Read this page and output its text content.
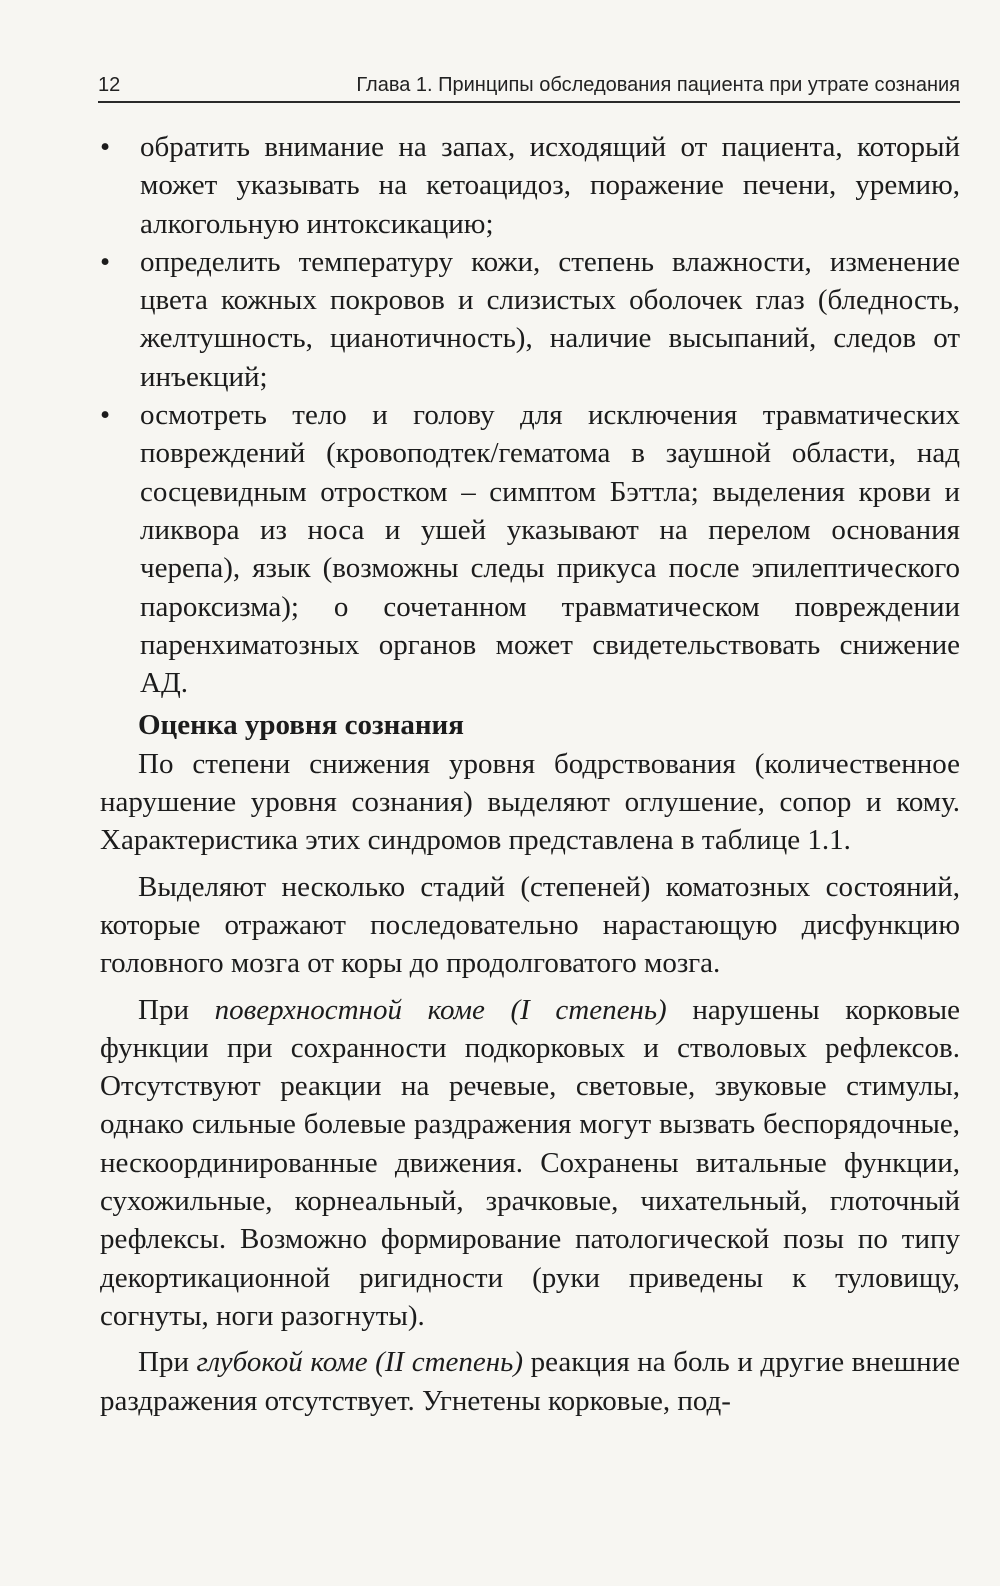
12	Глава 1. Принципы обследования пациента при утрате сознания
• обратить внимание на запах, исходящий от пациента, который может указывать на кетоацидоз, поражение печени, уремию, алкогольную интоксикацию;
• определить температуру кожи, степень влажности, изменение цвета кожных покровов и слизистых оболочек глаз (бледность, желтушность, цианотичность), наличие высыпаний, следов от инъекций;
• осмотреть тело и голову для исключения травматических повреждений (кровоподтек/гематома в заушной области, над сосцевидным отростком – симптом Бэттла; выделения крови и ликвора из носа и ушей указывают на перелом основания черепа), язык (возможны следы прикуса после эпилептического пароксизма); о сочетанном травматическом повреждении паренхиматозных органов может свидетельствовать снижение АД.
Оценка уровня сознания

По степени снижения уровня бодрствования (количественное нарушение уровня сознания) выделяют оглушение, сопор и кому. Характеристика этих синдромов представлена в таблице 1.1.

Выделяют несколько стадий (степеней) коматозных состояний, которые отражают последовательно нарастающую дисфункцию головного мозга от коры до продолговатого мозга.

При поверхностной коме (I степень) нарушены корковые функции при сохранности подкорковых и стволовых рефлексов. Отсутствуют реакции на речевые, световые, звуковые стимулы, однако сильные болевые раздражения могут вызвать беспорядочные, нескоординированные движения. Сохранены витальные функции, сухожильные, корнеальный, зрачковые, чихательный, глоточный рефлексы. Возможно формирование патологической позы по типу декортикационной ригидности (руки приведены к туловищу, согнуты, ноги разогнуты).

При глубокой коме (II степень) реакция на боль и другие внешние раздражения отсутствует. Угнетены корковые, под-
